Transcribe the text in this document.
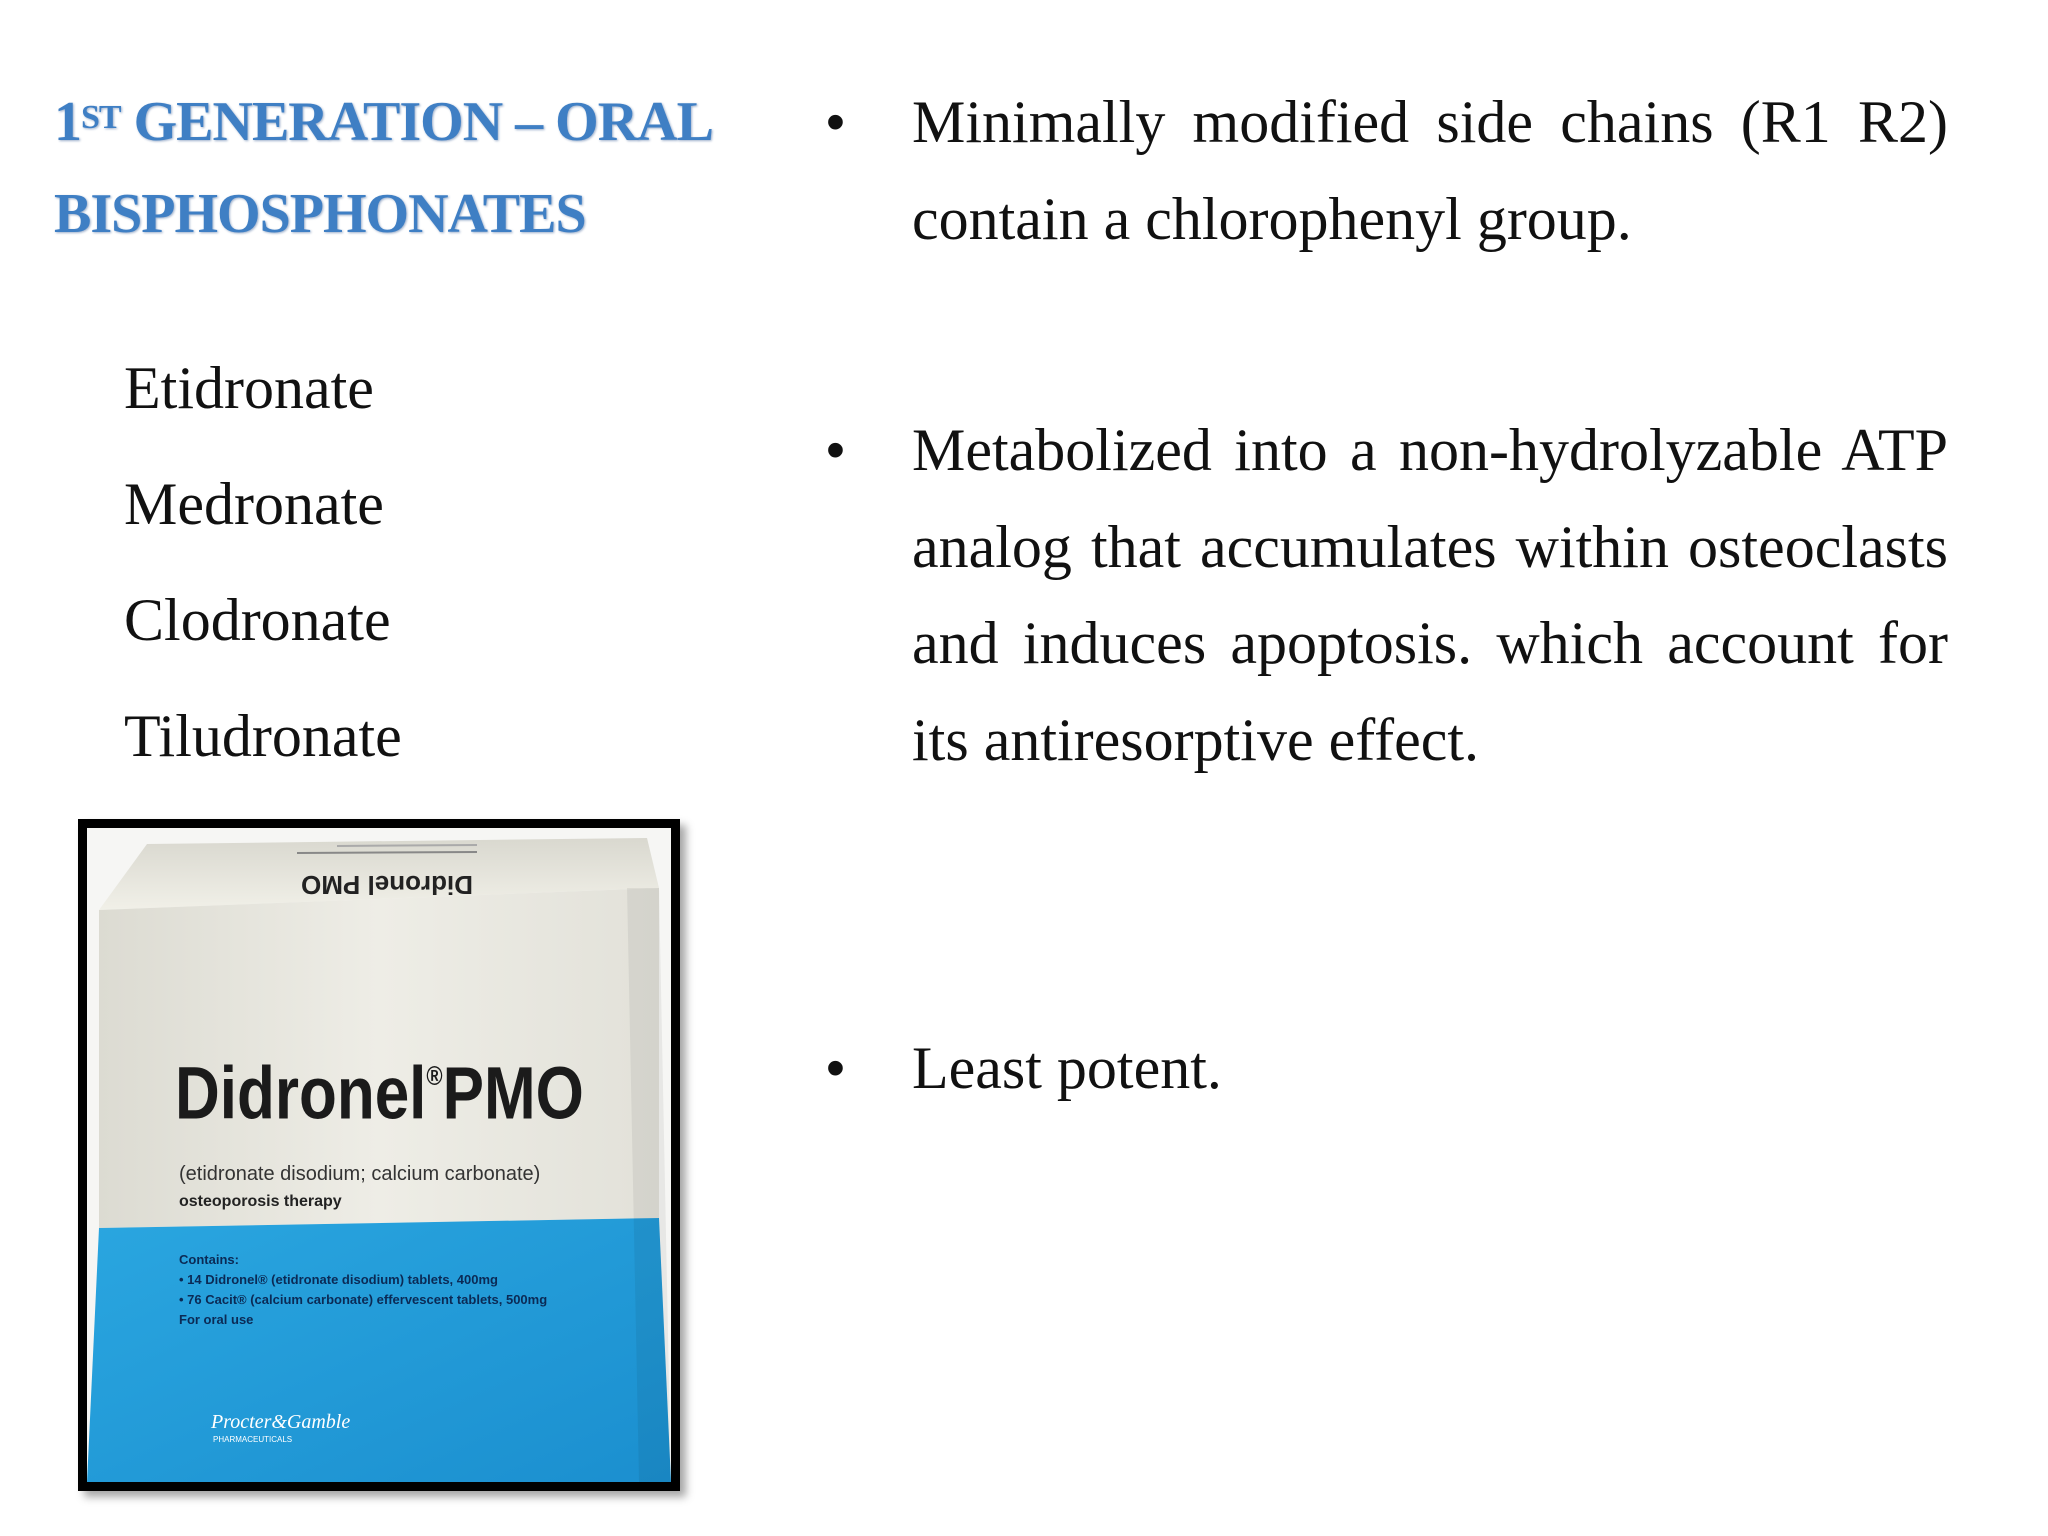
1ST GENERATION – ORAL
BISPHOSPHONATES
Etidronate
Medronate
Clodronate
Tiludronate
Didronel PMO
Didronel®PMO
(etidronate disodium; calcium carbonate)
osteoporosis therapy
Contains:
• 14 Didronel® (etidronate disodium) tablets, 400mg
• 76 Cacit® (calcium carbonate) effervescent tablets, 500mg
For oral use
Procter&Gamble
PHARMACEUTICALS
• Minimally modified side chains (R1 R2) contain a chlorophenyl group.
• Metabolized into a non-hydrolyzable ATP analog that accumulates within osteoclasts and induces apoptosis. which account for its antiresorptive effect.
• Least potent.
